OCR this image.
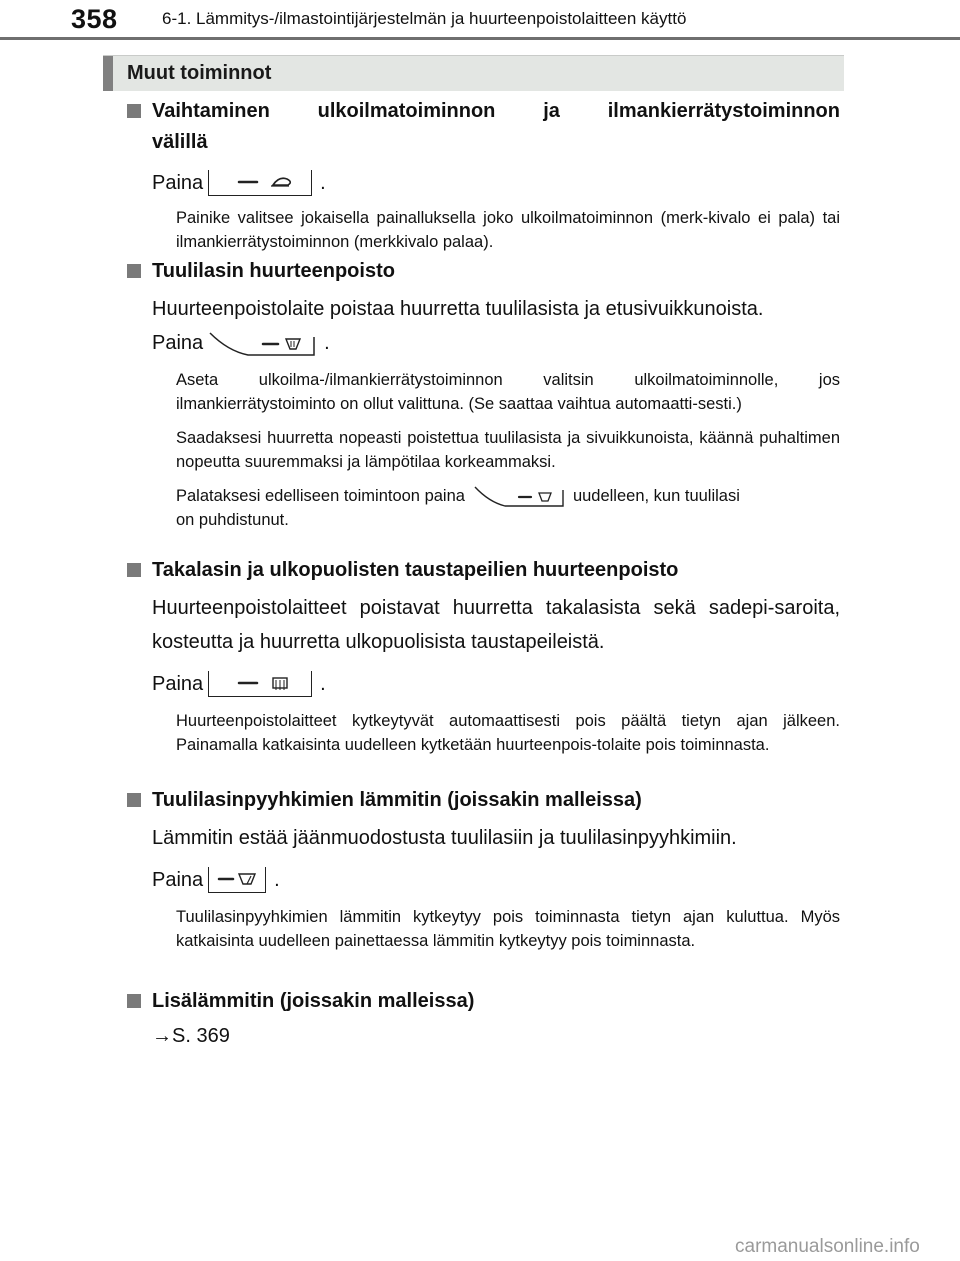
358	6-1. Lämmitys-/ilmastointijärjestelmän ja huurteenpoistolaitteen käyttö
Muut toiminnot
Vaihtaminen ulkoilmatoiminnon ja ilmankierrätystoiminnon
välillä
Paina	.
Painike valitsee jokaisella painalluksella joko ulkoilmatoiminnon (merk-kivalo ei pala) tai ilmankierrätystoiminnon (merkkivalo palaa).
Tuulilasin huurteenpoisto
Huurteenpoistolaite poistaa huurretta tuulilasista ja etusivuikkunoista.
Paina	.
Aseta ulkoilma-/ilmankierrätystoiminnon valitsin ulkoilmatoiminnolle, jos ilmankierrätystoiminto on ollut valittuna. (Se saattaa vaihtua automaatti-sesti.)
Saadaksesi huurretta nopeasti poistettua tuulilasista ja sivuikkunoista, käännä puhaltimen nopeutta suuremmaksi ja lämpötilaa korkeammaksi.
Palataksesi edelliseen toimintoon paina	uudelleen, kun tuulilasi
on puhdistunut.
Takalasin ja ulkopuolisten taustapeilien huurteenpoisto
Huurteenpoistolaitteet poistavat huurretta takalasista sekä sadepi-saroita, kosteutta ja huurretta ulkopuolisista taustapeileistä.
Paina	.
Huurteenpoistolaitteet kytkeytyvät automaattisesti pois päältä tietyn ajan jälkeen. Painamalla katkaisinta uudelleen kytketään huurteenpois-tolaite pois toiminnasta.
Tuulilasinpyyhkimien lämmitin (joissakin malleissa)
Lämmitin estää jäänmuodostusta tuulilasiin ja tuulilasinpyyhkimiin.
Paina	.
Tuulilasinpyyhkimien lämmitin kytkeytyy pois toiminnasta tietyn ajan kuluttua. Myös katkaisinta uudelleen painettaessa lämmitin kytkeytyy pois toiminnasta.
Lisälämmitin (joissakin malleissa)
→S. 369
carmanualsonline.info
